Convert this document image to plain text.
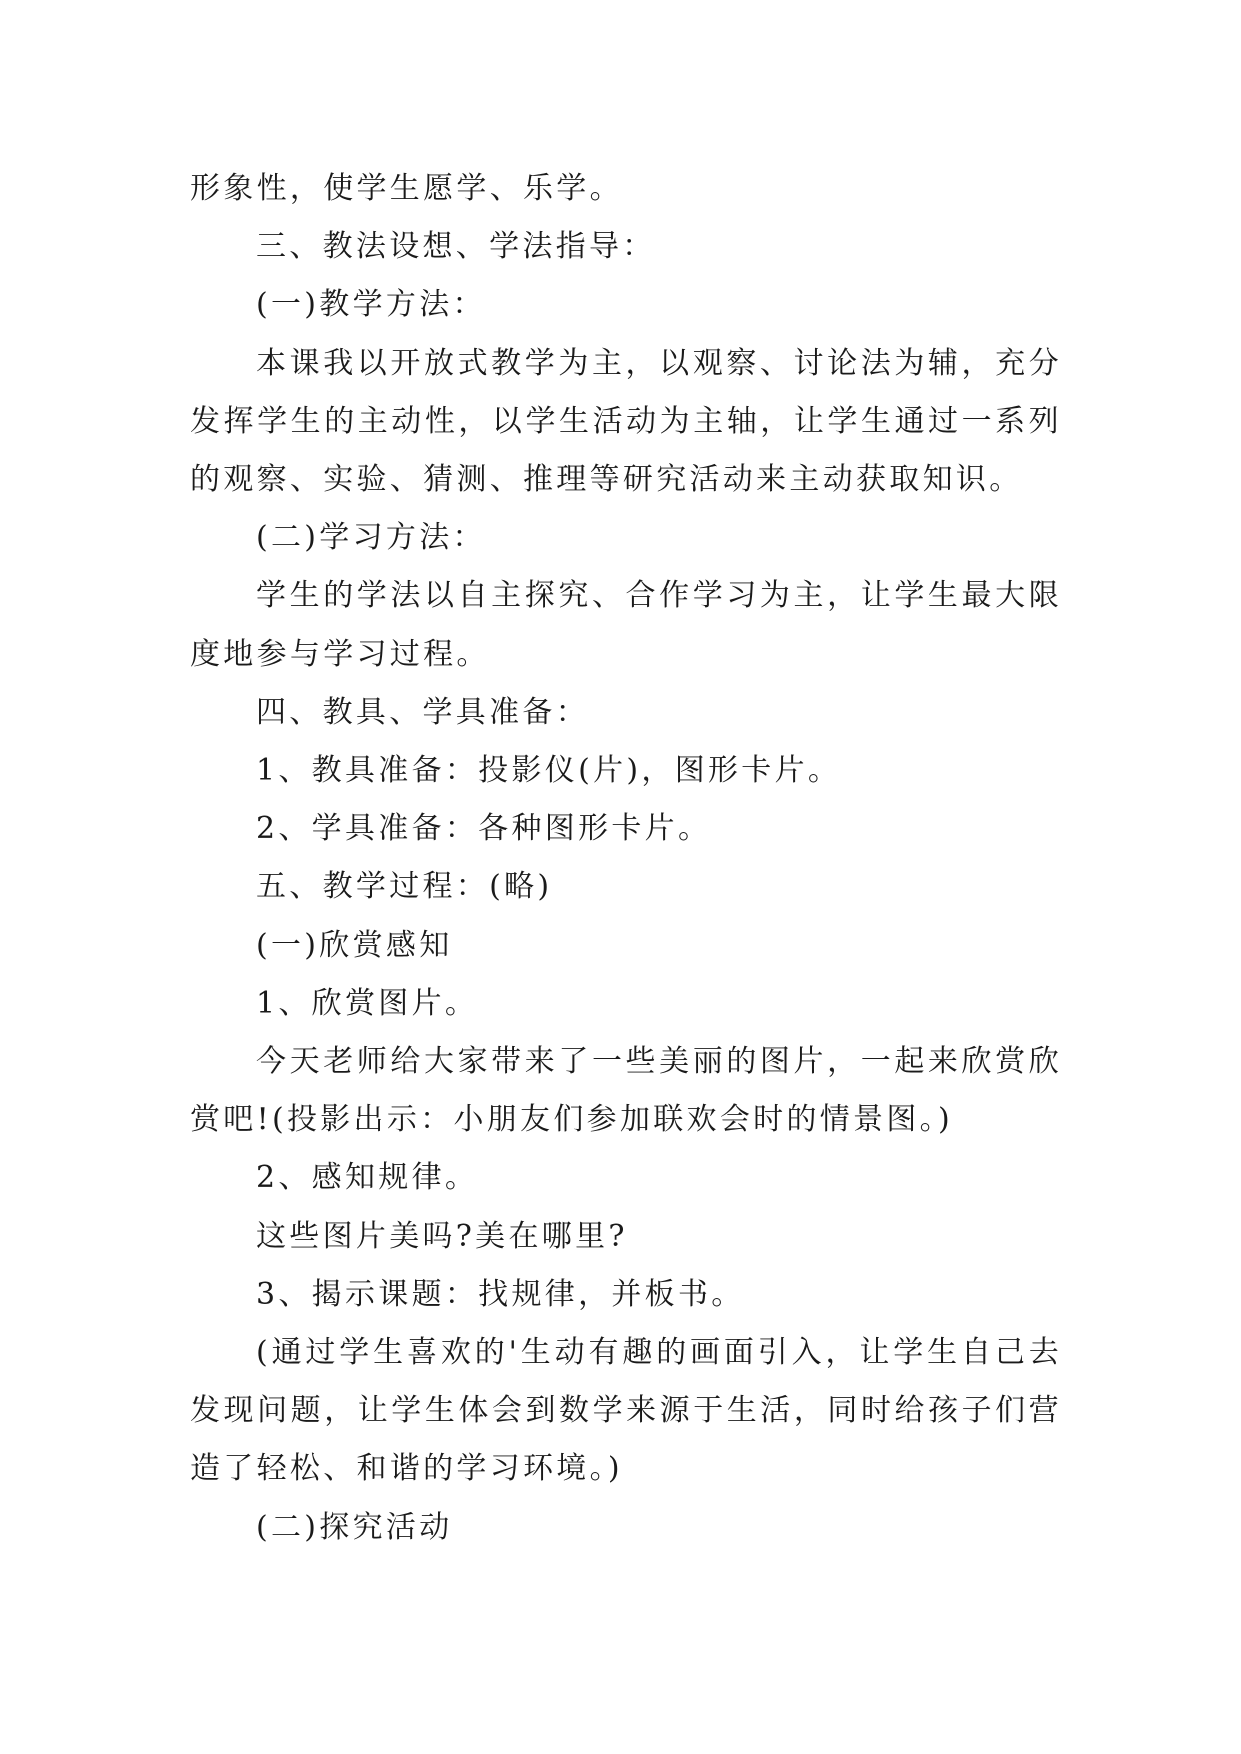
形象性，使学生愿学、乐学。

三、教法设想、学法指导：

(一)教学方法：

本课我以开放式教学为主，以观察、讨论法为辅，充分发挥学生的主动性，以学生活动为主轴，让学生通过一系列的观察、实验、猜测、推理等研究活动来主动获取知识。

(二)学习方法：

学生的学法以自主探究、合作学习为主，让学生最大限度地参与学习过程。

四、教具、学具准备：

1、教具准备：投影仪(片)，图形卡片。

2、学具准备：各种图形卡片。

五、教学过程：(略)

(一)欣赏感知

1、欣赏图片。

今天老师给大家带来了一些美丽的图片，一起来欣赏欣赏吧!(投影出示：小朋友们参加联欢会时的情景图。)

2、感知规律。

这些图片美吗?美在哪里?

3、揭示课题：找规律，并板书。

(通过学生喜欢的'生动有趣的画面引入，让学生自己去发现问题，让学生体会到数学来源于生活，同时给孩子们营造了轻松、和谐的学习环境。)

(二)探究活动
